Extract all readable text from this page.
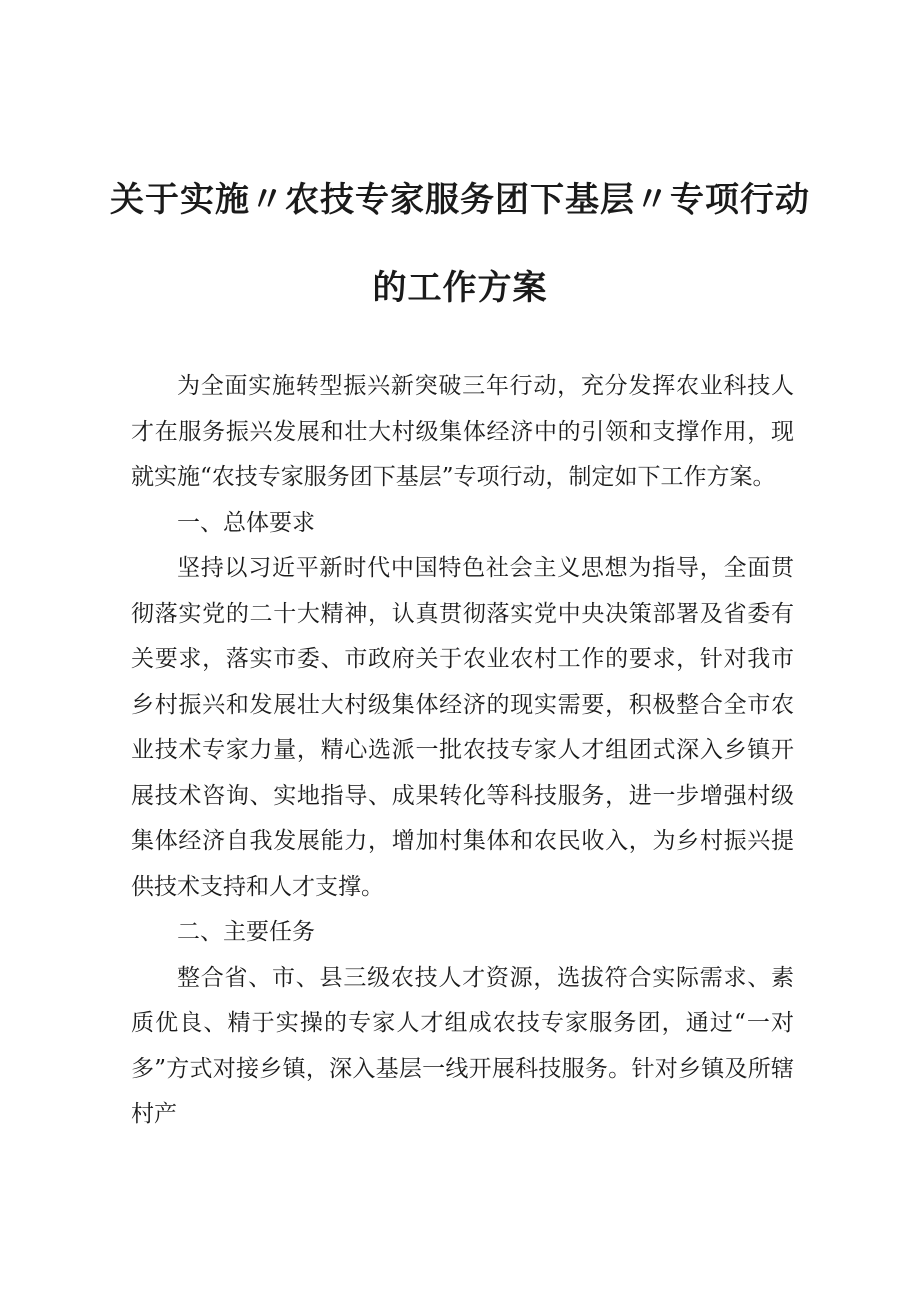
关于实施〃农技专家服务团下基层〃专项行动
的工作方案

为全面实施转型振兴新突破三年行动，充分发挥农业科技人才在服务振兴发展和壮大村级集体经济中的引领和支撑作用，现就实施“农技专家服务团下基层”专项行动，制定如下工作方案。

一、总体要求

坚持以习近平新时代中国特色社会主义思想为指导，全面贯彻落实党的二十大精神，认真贯彻落实党中央决策部署及省委有关要求，落实市委、市政府关于农业农村工作的要求，针对我市乡村振兴和发展壮大村级集体经济的现实需要，积极整合全市农业技术专家力量，精心选派一批农技专家人才组团式深入乡镇开展技术咨询、实地指导、成果转化等科技服务，进一步增强村级集体经济自我发展能力，增加村集体和农民收入，为乡村振兴提供技术支持和人才支撑。

二、主要任务

整合省、市、县三级农技人才资源，选拔符合实际需求、素质优良、精于实操的专家人才组成农技专家服务团，通过“一对多”方式对接乡镇，深入基层一线开展科技服务。针对乡镇及所辖村产
